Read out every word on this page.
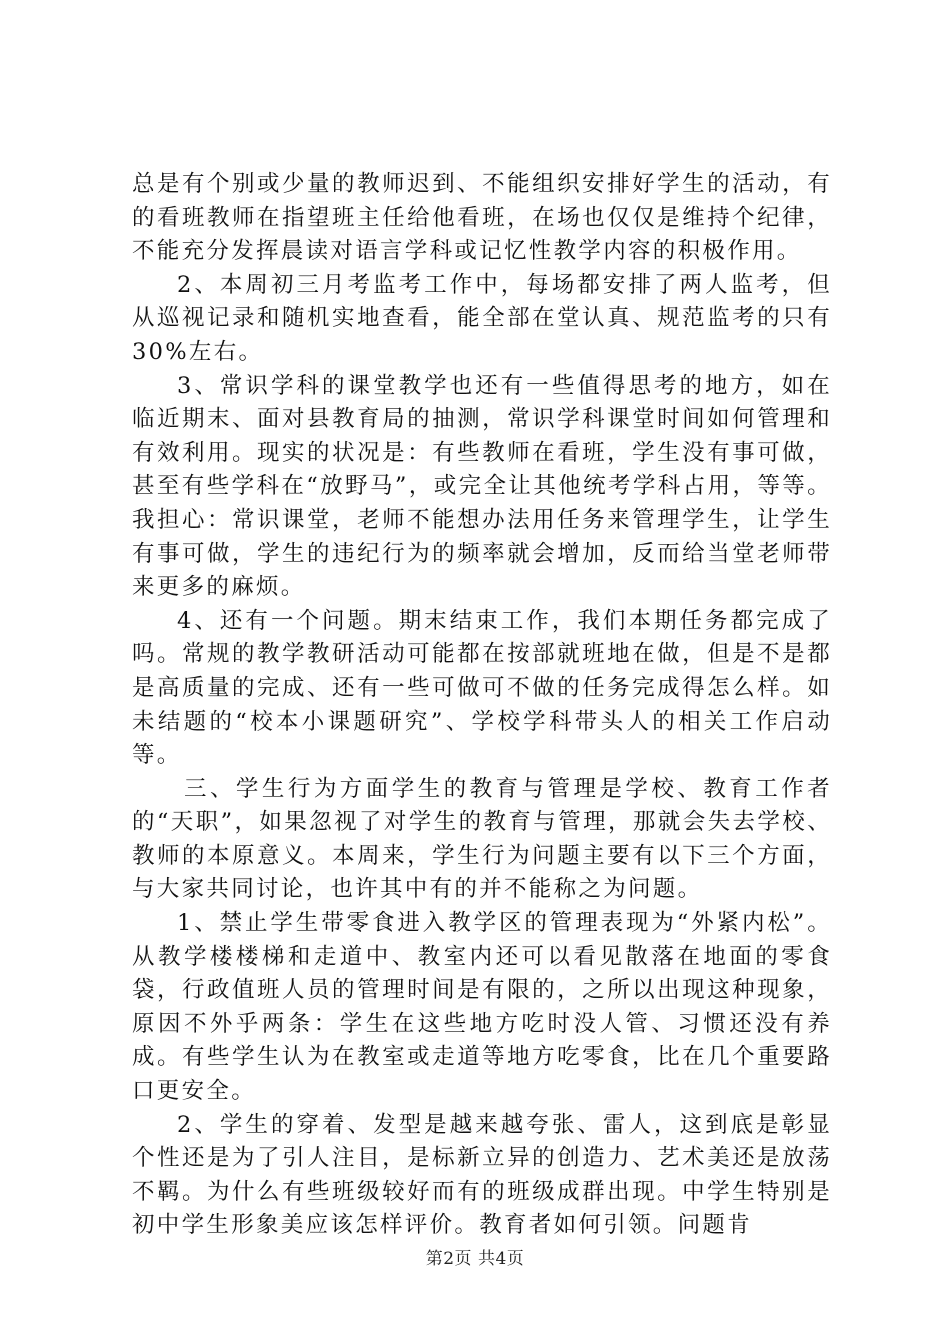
总是有个别或少量的教师迟到、不能组织安排好学生的活动，有的看班教师在指望班主任给他看班，在场也仅仅是维持个纪律，不能充分发挥晨读对语言学科或记忆性教学内容的积极作用。

2、本周初三月考监考工作中，每场都安排了两人监考，但从巡视记录和随机实地查看，能全部在堂认真、规范监考的只有30%左右。

3、常识学科的课堂教学也还有一些值得思考的地方，如在临近期末、面对县教育局的抽测，常识学科课堂时间如何管理和有效利用。现实的状况是：有些教师在看班，学生没有事可做，甚至有些学科在“放野马”，或完全让其他统考学科占用，等等。我担心：常识课堂，老师不能想办法用任务来管理学生，让学生有事可做，学生的违纪行为的频率就会增加，反而给当堂老师带来更多的麻烦。

4、还有一个问题。期末结束工作，我们本期任务都完成了吗。常规的教学教研活动可能都在按部就班地在做，但是不是都是高质量的完成、还有一些可做可不做的任务完成得怎么样。如未结题的“校本小课题研究”、学校学科带头人的相关工作启动等。

三、学生行为方面学生的教育与管理是学校、教育工作者的“天职”，如果忽视了对学生的教育与管理，那就会失去学校、教师的本原意义。本周来，学生行为问题主要有以下三个方面，与大家共同讨论，也许其中有的并不能称之为问题。

1、禁止学生带零食进入教学区的管理表现为“外紧内松”。从教学楼楼梯和走道中、教室内还可以看见散落在地面的零食袋，行政值班人员的管理时间是有限的，之所以出现这种现象，原因不外乎两条：学生在这些地方吃时没人管、习惯还没有养成。有些学生认为在教室或走道等地方吃零食，比在几个重要路口更安全。

2、学生的穿着、发型是越来越夸张、雷人，这到底是彰显个性还是为了引人注目，是标新立异的创造力、艺术美还是放荡不羁。为什么有些班级较好而有的班级成群出现。中学生特别是初中学生形象美应该怎样评价。教育者如何引领。问题肯

第2页 共4页
